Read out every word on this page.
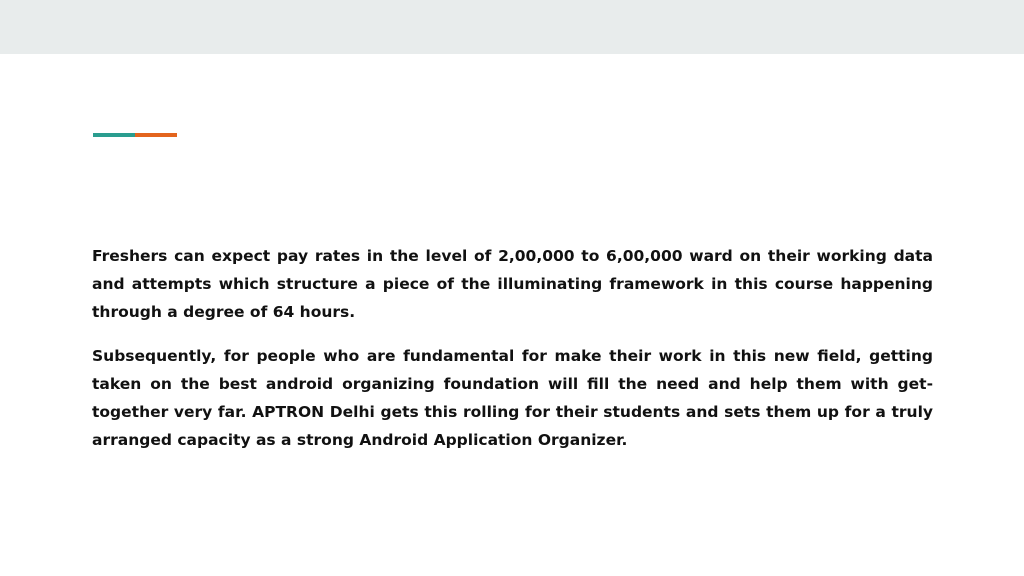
Freshers can expect pay rates in the level of 2,00,000 to 6,00,000 ward on their working data and attempts which structure a piece of the illuminating framework in this course happening through a degree of 64 hours.

Subsequently, for people who are fundamental for make their work in this new field, getting taken on the best android organizing foundation will fill the need and help them with get-together very far. APTRON Delhi gets this rolling for their students and sets them up for a truly arranged capacity as a strong Android Application Organizer.
